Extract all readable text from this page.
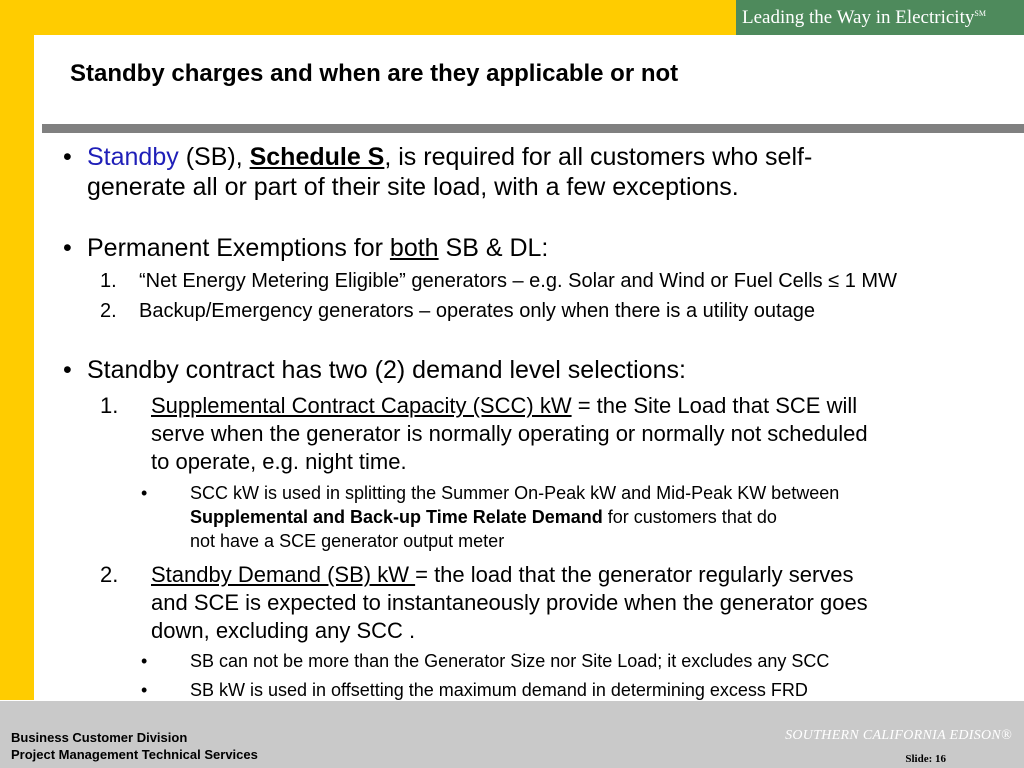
Leading the Way in Electricity℠
Standby charges and when are they applicable or not
• Standby (SB), Schedule S, is required for all customers who self-
generate all or part of their site load, with a few exceptions.
• Permanent Exemptions for both SB & DL:
1. “Net Energy Metering Eligible” generators – e.g. Solar and Wind or Fuel Cells ≤ 1 MW
2. Backup/Emergency generators – operates only when there is a utility outage
• Standby contract has two (2) demand level selections:
1. Supplemental Contract Capacity (SCC) kW = the Site Load that SCE will
serve when the generator is normally operating or normally not scheduled
to operate, e.g. night time.
• SCC kW is used in splitting the Summer On-Peak kW and Mid-Peak KW between
Supplemental and Back-up Time Relate Demand for customers that do
not have a SCE generator output meter
2. Standby Demand (SB) kW = the load that the generator regularly serves
and SCE is expected to instantaneously provide when the generator goes
down, excluding any SCC .
• SB can not be more than the Generator Size nor Site Load; it excludes any SCC
• SB kW is used in offsetting the maximum demand in determining excess FRD
Business Customer Division
Project Management Technical Services
SOUTHERN CALIFORNIA EDISON®
Slide: 16
